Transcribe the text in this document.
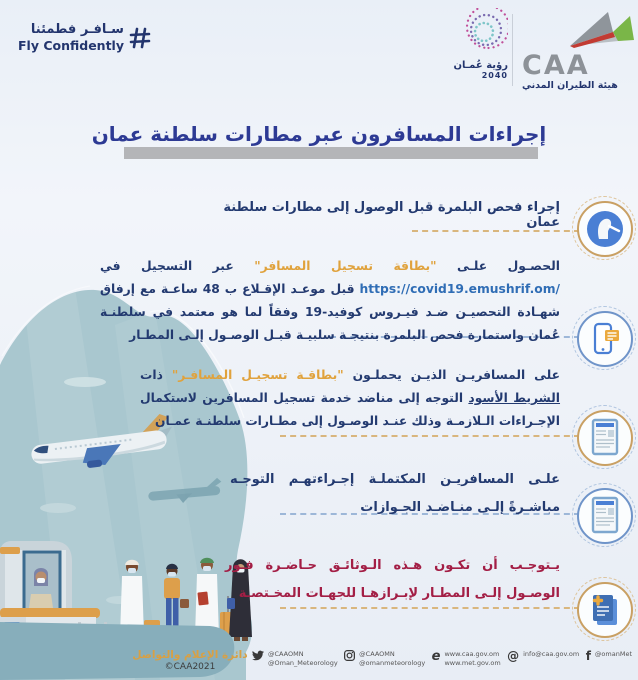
سـافـر فطمئنا
Fly Confidently
رؤية عُمـان
2040 CAA
هيئة الطيران المدني
إجراءات المسافرون عبر مطارات سلطنة عمان

إجراء فحص البلمرة قبل الوصول إلى مطارات سلطنة عمان

الحصـول علـى "بطاقة تسجيل المسافر" عبر التسجيل في https://covid19.emushrif.om/ قبل موعـد الإقـلاع ب 48 ساعـة مع إرفاق شهـادة التحصيـن ضـد فيـروس كوفيد-19 وفقاً لما هو معتمد في سلطنـة عُمان واستمارة فحص البلمرة بنتيجـة سلبيـة قبـل الوصـول إلـى المطـار

على المسافريـن الذيـن يحملـون "بطاقـة تسجيـل المسافـر" ذات الشريط الأسود التوجه إلى مناضد خدمة تسجيل المسافرين لاستكمال الإجـراءات الـلازمـة وذلك عنـد الوصـول إلى مطـارات سلطنـة عمـان

علـى المسافريـن المكتملـة إجـراءتهـم التوجـه مباشـرةً إلـى منـاضـد الجـوازات

يـتوجـب أن تكـون هـذه الـوثائـق حـاضـرة فـور الوصـول إلـى المطـار لإبـرازهـا للجهـات المخـتصـة

دائرة الإعلام والتواصل
©CAA2021
@CAAOMN
@Oman_Meteorology
@CAAOMN
@omanmeteorology e www.caa.gov.om
www.met.gov.om
@ info@caa.gov.om f @omanMet
